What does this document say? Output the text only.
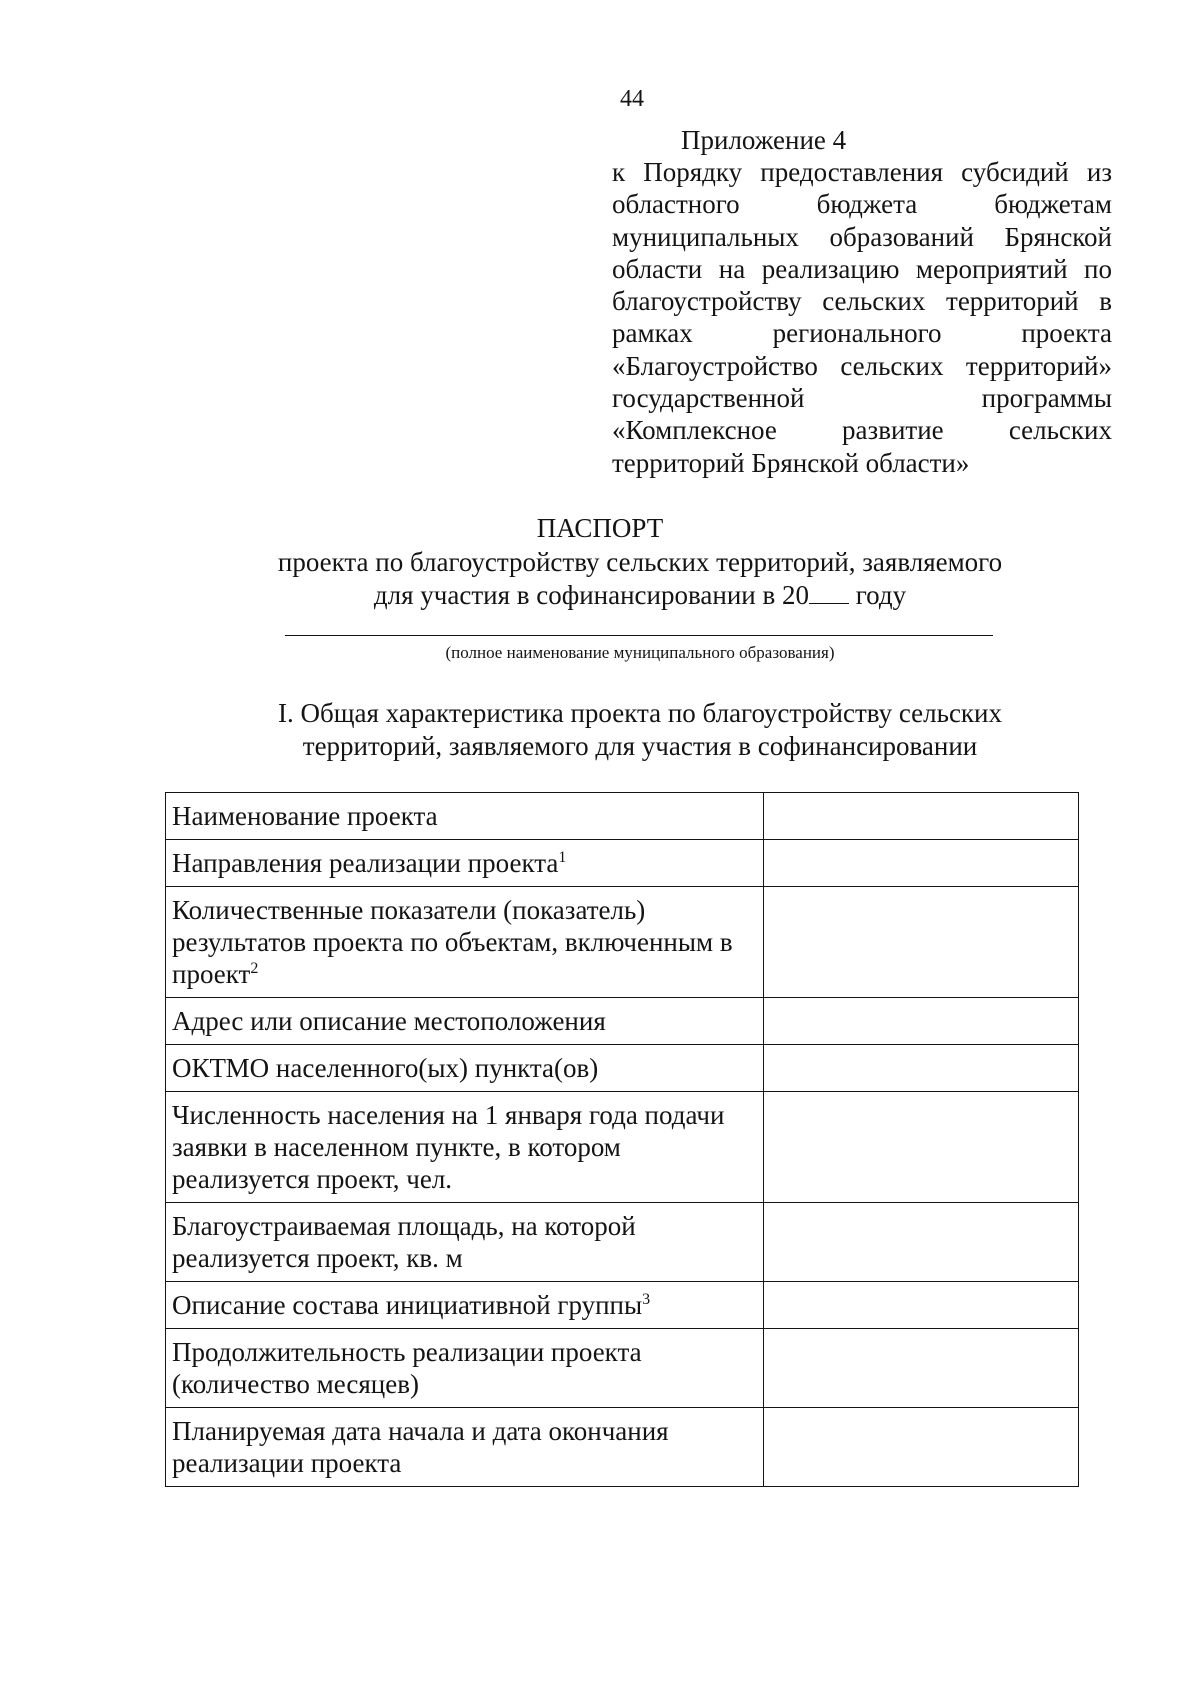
44
Приложение 4
к Порядку предоставления субсидий из областного бюджета бюджетам муниципальных образований Брянской области на реализацию мероприятий по благоустройству сельских территорий в рамках регионального проекта «Благоустройство сельских территорий» государственной программы «Комплексное развитие сельских территорий Брянской области»
ПАСПОРТ
проекта по благоустройству сельских территорий, заявляемого
для участия в софинансировании в 20 году
(полное наименование муниципального образования)
I. Общая характеристика проекта по благоустройству сельских
территорий, заявляемого для участия в софинансировании
Наименование проекта	
Направления реализации проекта$^1$	
Количественные показатели (показатель) результатов проекта по объектам, включенным в проект$^2$	
Адрес или описание местоположения	
ОКТМО населенного(ых) пункта(ов)	
Численность населения на 1 января года подачи заявки в населенном пункте, в котором реализуется проект, чел.	
Благоустраиваемая площадь, на которой реализуется проект, кв. м	
Описание состава инициативной группы$^3$	
Продолжительность реализации проекта (количество месяцев)	
Планируемая дата начала и дата окончания реализации проекта	
